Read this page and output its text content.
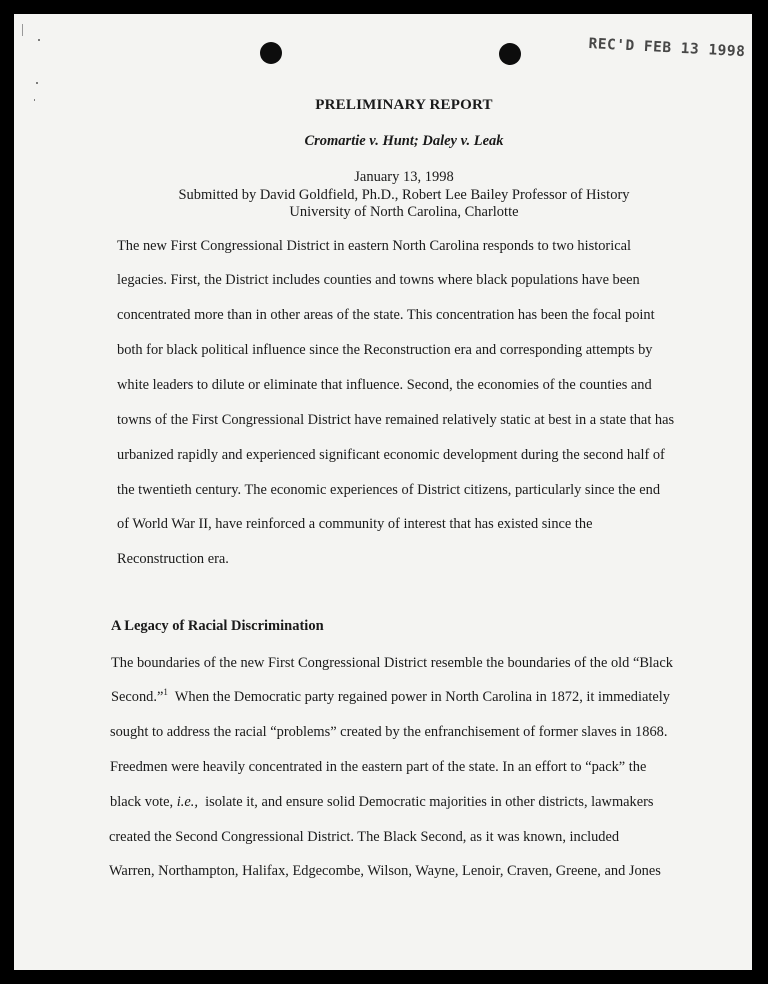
REC'D FEB 13 1998
PRELIMINARY REPORT
Cromartie v. Hunt; Daley v. Leak
January 13, 1998
Submitted by David Goldfield, Ph.D., Robert Lee Bailey Professor of History
University of North Carolina, Charlotte
The new First Congressional District in eastern North Carolina responds to two historical
legacies. First, the District includes counties and towns where black populations have been
concentrated more than in other areas of the state. This concentration has been the focal point
both for black political influence since the Reconstruction era and corresponding attempts by
white leaders to dilute or eliminate that influence. Second, the economies of the counties and
towns of the First Congressional District have remained relatively static at best in a state that has
urbanized rapidly and experienced significant economic development during the second half of
the twentieth century. The economic experiences of District citizens, particularly since the end
of World War II, have reinforced a community of interest that has existed since the
Reconstruction era.
A Legacy of Racial Discrimination
The boundaries of the new First Congressional District resemble the boundaries of the old “Black
Second.”$^1$  When the Democratic party regained power in North Carolina in 1872, it immediately
sought to address the racial “problems” created by the enfranchisement of former slaves in 1868.
Freedmen were heavily concentrated in the eastern part of the state. In an effort to “pack” the
black vote, i.e.,  isolate it, and ensure solid Democratic majorities in other districts, lawmakers
created the Second Congressional District. The Black Second, as it was known, included
Warren, Northampton, Halifax, Edgecombe, Wilson, Wayne, Lenoir, Craven, Greene, and Jones
